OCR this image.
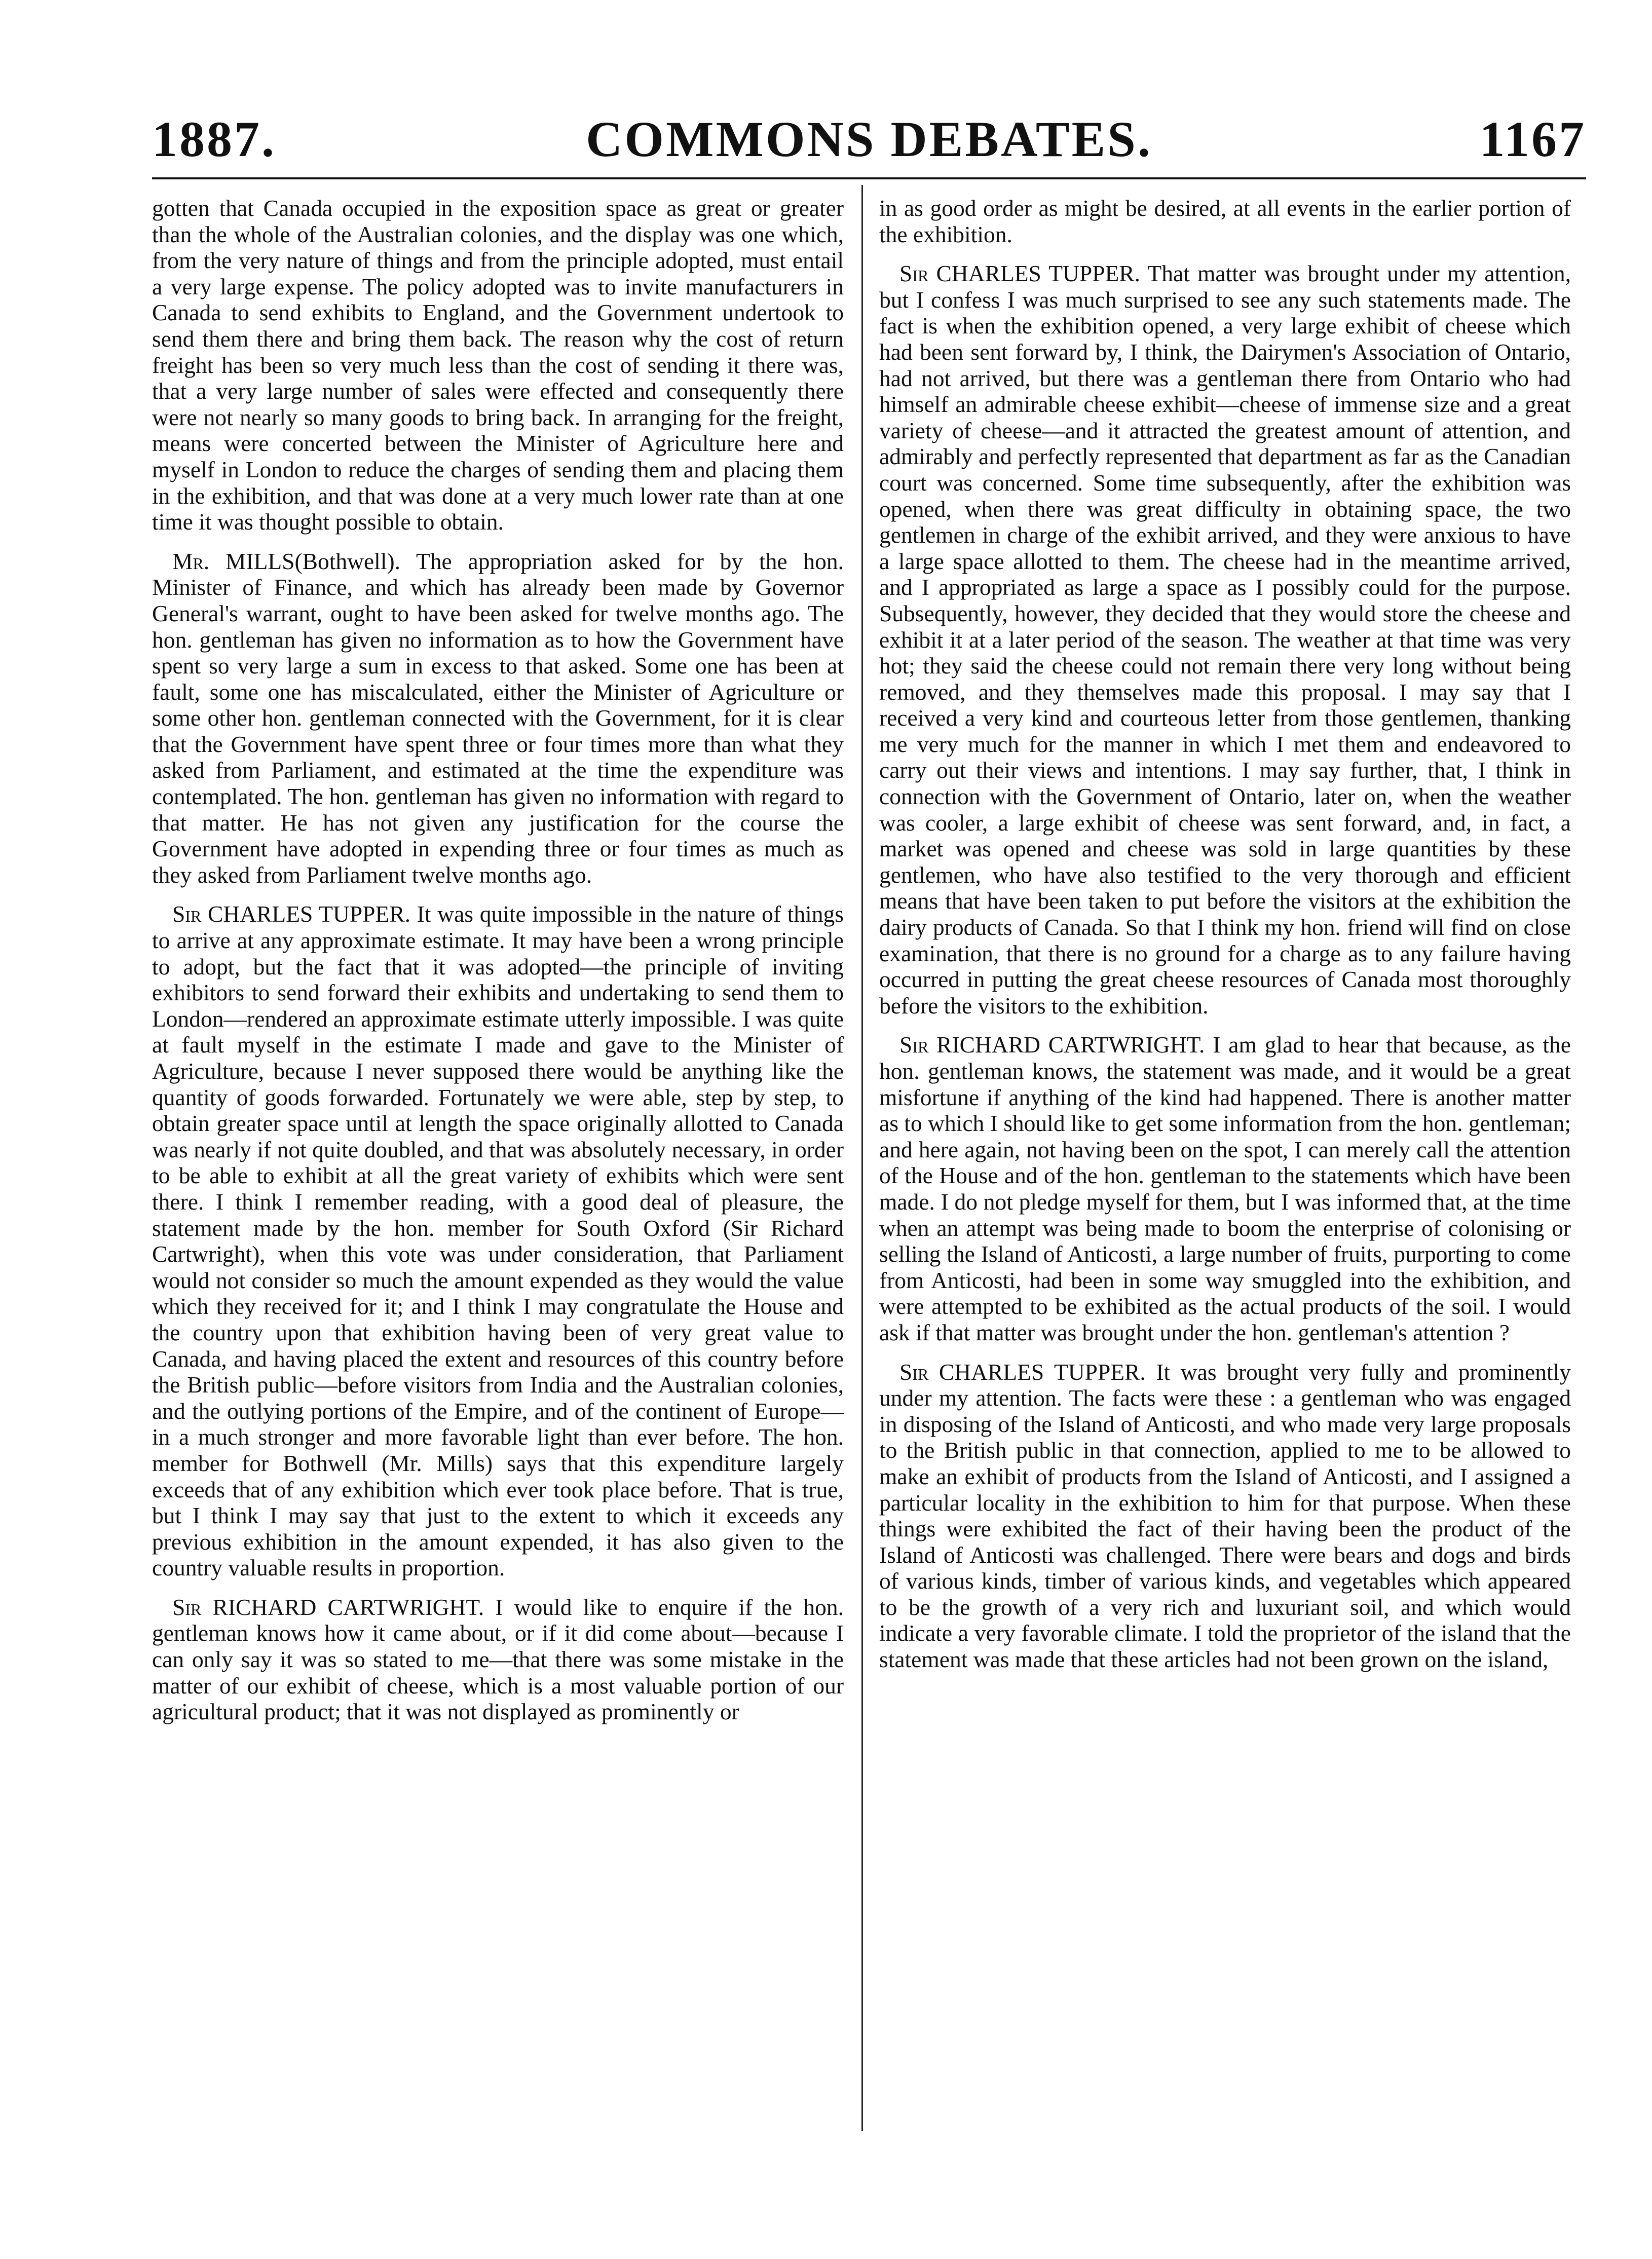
1887.	COMMONS DEBATES.	1167

gotten that Canada occupied in the exposition space as great or greater than the whole of the Australian colonies, and the display was one which, from the very nature of things and from the principle adopted, must entail a very large expense. The policy adopted was to invite manufacturers in Canada to send exhibits to England, and the Government undertook to send them there and bring them back. The reason why the cost of return freight has been so very much less than the cost of sending it there was, that a very large number of sales were effected and consequently there were not nearly so many goods to bring back. In arranging for the freight, means were concerted between the Minister of Agriculture here and myself in London to reduce the charges of sending them and placing them in the exhibition, and that was done at a very much lower rate than at one time it was thought possible to obtain.

Mr. MILLS(Bothwell). The appropriation asked for by the hon. Minister of Finance, and which has already been made by Governor General's warrant, ought to have been asked for twelve months ago. The hon. gentleman has given no information as to how the Government have spent so very large a sum in excess to that asked. Some one has been at fault, some one has miscalculated, either the Minister of Agriculture or some other hon. gentleman connected with the Government, for it is clear that the Government have spent three or four times more than what they asked from Parliament, and estimated at the time the expenditure was contemplated. The hon. gentleman has given no information with regard to that matter. He has not given any justification for the course the Government have adopted in expending three or four times as much as they asked from Parliament twelve months ago.

Sir CHARLES TUPPER. It was quite impossible in the nature of things to arrive at any approximate estimate. It may have been a wrong principle to adopt, but the fact that it was adopted—the principle of inviting exhibitors to send forward their exhibits and undertaking to send them to London—rendered an approximate estimate utterly impossible. I was quite at fault myself in the estimate I made and gave to the Minister of Agriculture, because I never supposed there would be anything like the quantity of goods forwarded. Fortunately we were able, step by step, to obtain greater space until at length the space originally allotted to Canada was nearly if not quite doubled, and that was absolutely necessary, in order to be able to exhibit at all the great variety of exhibits which were sent there. I think I remember reading, with a good deal of pleasure, the statement made by the hon. member for South Oxford (Sir Richard Cartwright), when this vote was under consideration, that Parliament would not consider so much the amount expended as they would the value which they received for it; and I think I may congratulate the House and the country upon that exhibition having been of very great value to Canada, and having placed the extent and resources of this country before the British public—before visitors from India and the Australian colonies, and the outlying portions of the Empire, and of the continent of Europe—in a much stronger and more favorable light than ever before. The hon. member for Bothwell (Mr. Mills) says that this expenditure largely exceeds that of any exhibition which ever took place before. That is true, but I think I may say that just to the extent to which it exceeds any previous exhibition in the amount expended, it has also given to the country valuable results in proportion.

Sir RICHARD CARTWRIGHT. I would like to enquire if the hon. gentleman knows how it came about, or if it did come about—because I can only say it was so stated to me—that there was some mistake in the matter of our exhibit of cheese, which is a most valuable portion of our agricultural product; that it was not displayed as prominently or

in as good order as might be desired, at all events in the earlier portion of the exhibition.

Sir CHARLES TUPPER. That matter was brought under my attention, but I confess I was much surprised to see any such statements made. The fact is when the exhibition opened, a very large exhibit of cheese which had been sent forward by, I think, the Dairymen's Association of Ontario, had not arrived, but there was a gentleman there from Ontario who had himself an admirable cheese exhibit—cheese of immense size and a great variety of cheese—and it attracted the greatest amount of attention, and admirably and perfectly represented that department as far as the Canadian court was concerned. Some time subsequently, after the exhibition was opened, when there was great difficulty in obtaining space, the two gentlemen in charge of the exhibit arrived, and they were anxious to have a large space allotted to them. The cheese had in the meantime arrived, and I appropriated as large a space as I possibly could for the purpose. Subsequently, however, they decided that they would store the cheese and exhibit it at a later period of the season. The weather at that time was very hot; they said the cheese could not remain there very long without being removed, and they themselves made this proposal. I may say that I received a very kind and courteous letter from those gentlemen, thanking me very much for the manner in which I met them and endeavored to carry out their views and intentions. I may say further, that, I think in connection with the Government of Ontario, later on, when the weather was cooler, a large exhibit of cheese was sent forward, and, in fact, a market was opened and cheese was sold in large quantities by these gentlemen, who have also testified to the very thorough and efficient means that have been taken to put before the visitors at the exhibition the dairy products of Canada. So that I think my hon. friend will find on close examination, that there is no ground for a charge as to any failure having occurred in putting the great cheese resources of Canada most thoroughly before the visitors to the exhibition.

Sir RICHARD CARTWRIGHT. I am glad to hear that because, as the hon. gentleman knows, the statement was made, and it would be a great misfortune if anything of the kind had happened. There is another matter as to which I should like to get some information from the hon. gentleman; and here again, not having been on the spot, I can merely call the attention of the House and of the hon. gentleman to the statements which have been made. I do not pledge myself for them, but I was informed that, at the time when an attempt was being made to boom the enterprise of colonising or selling the Island of Anticosti, a large number of fruits, purporting to come from Anticosti, had been in some way smuggled into the exhibition, and were attempted to be exhibited as the actual products of the soil. I would ask if that matter was brought under the hon. gentleman's attention ?

Sir CHARLES TUPPER. It was brought very fully and prominently under my attention. The facts were these : a gentleman who was engaged in disposing of the Island of Anticosti, and who made very large proposals to the British public in that connection, applied to me to be allowed to make an exhibit of products from the Island of Anticosti, and I assigned a particular locality in the exhibition to him for that purpose. When these things were exhibited the fact of their having been the product of the Island of Anticosti was challenged. There were bears and dogs and birds of various kinds, timber of various kinds, and vegetables which appeared to be the growth of a very rich and luxuriant soil, and which would indicate a very favorable climate. I told the proprietor of the island that the statement was made that these articles had not been grown on the island,
